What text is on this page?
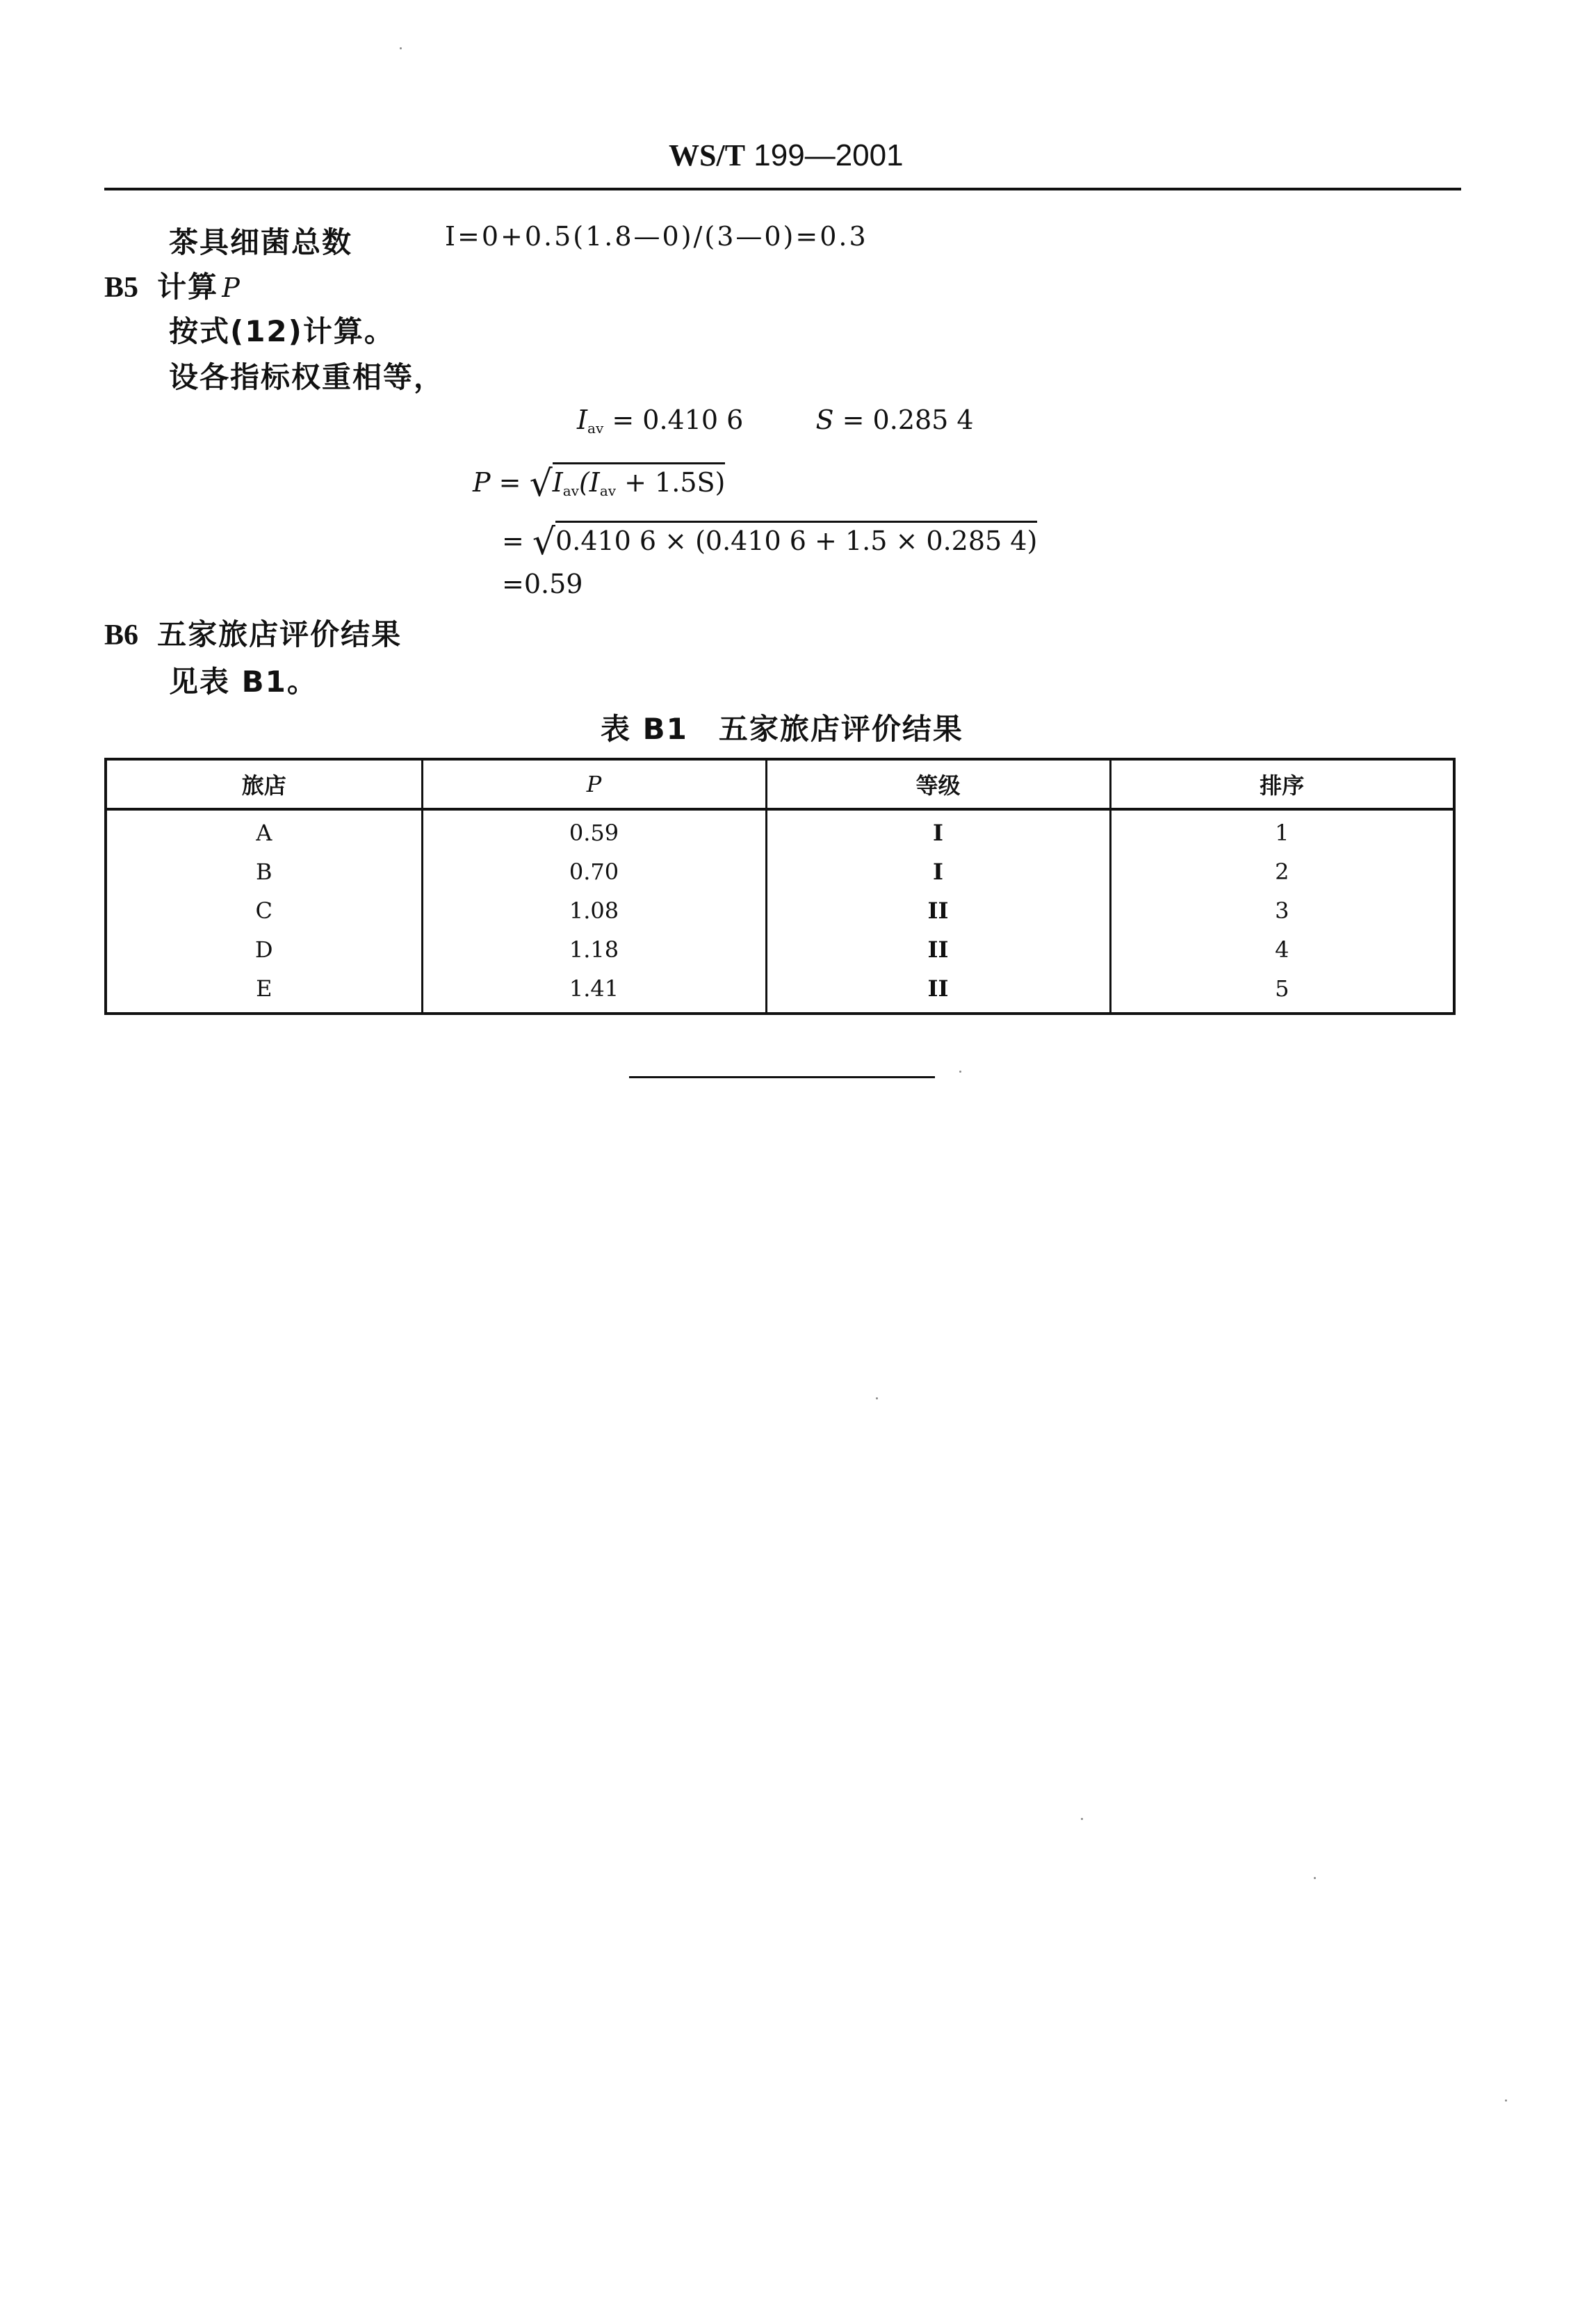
WS/T 199—2001
茶具细菌总数	I=0+0.5(1.8—0)/(3—0)=0.3
B5 计算 P
按式(12)计算。
设各指标权重相等，
$I_{av} = 0.410$ 6	S = 0.285 4
$P = √I_{av}(I_{av} + 1.5S)$
= √0.410 6 × (0.410 6 + 1.5 × 0.285 4)
=0.59
B6 五家旅店评价结果
见表 B1。
表 B1　五家旅店评价结果
旅店	P	等级	排序
A	0.59	I	1
B	0.70	I	2
C	1.08	II	3
D	1.18	II	4
E	1.41	II	5
